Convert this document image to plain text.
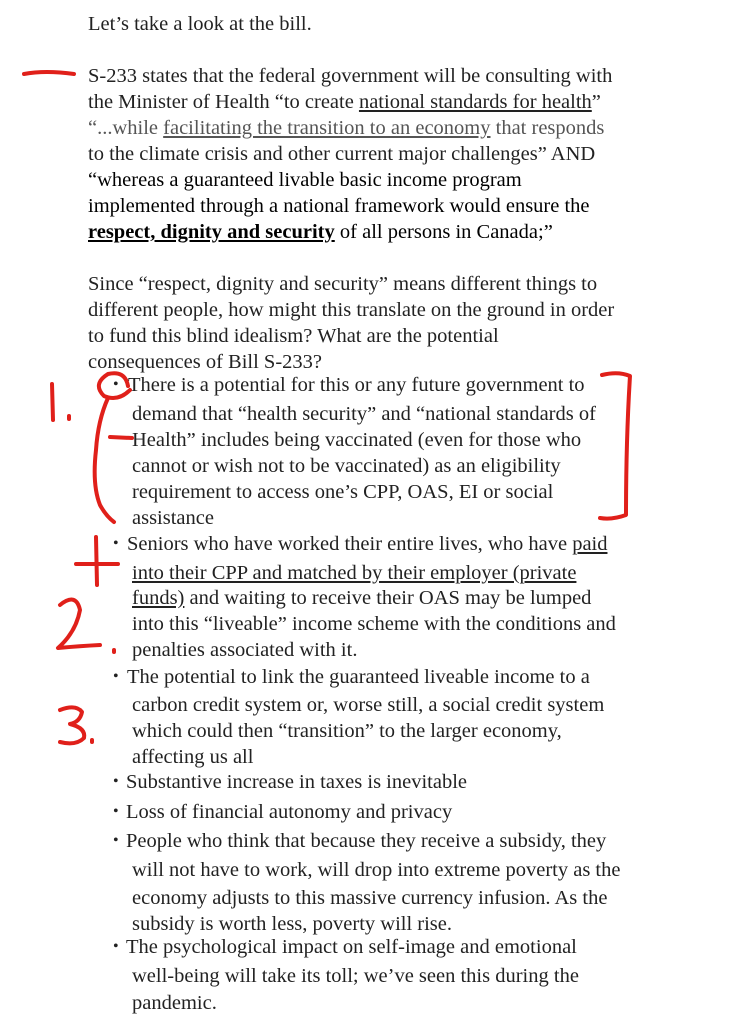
Let’s take a look at the bill.
S-233 states that the federal government will be consulting with
the Minister of Health “to create national standards for health”
“...while facilitating the transition to an economy that responds
to the climate crisis and other current major challenges” AND
“whereas a guaranteed livable basic income program
implemented through a national framework would ensure the
respect, dignity and security of all persons in Canada;”
Since “respect, dignity and security” means different things to
different people, how might this translate on the ground in order
to fund this blind idealism? What are the potential
consequences of Bill S-233?
• There is a potential for this or any future government to
demand that “health security” and “national standards of
Health” includes being vaccinated (even for those who
cannot or wish not to be vaccinated) as an eligibility
requirement to access one’s CPP, OAS, EI or social
assistance
• Seniors who have worked their entire lives, who have paid
into their CPP and matched by their employer (private
funds) and waiting to receive their OAS may be lumped
into this “liveable” income scheme with the conditions and
penalties associated with it.
• The potential to link the guaranteed liveable income to a
carbon credit system or, worse still, a social credit system
which could then “transition” to the larger economy,
affecting us all
• Substantive increase in taxes is inevitable
• Loss of financial autonomy and privacy
• People who think that because they receive a subsidy, they
will not have to work, will drop into extreme poverty as the
economy adjusts to this massive currency infusion. As the
subsidy is worth less, poverty will rise.
• The psychological impact on self-image and emotional
well-being will take its toll; we’ve seen this during the
pandemic.
